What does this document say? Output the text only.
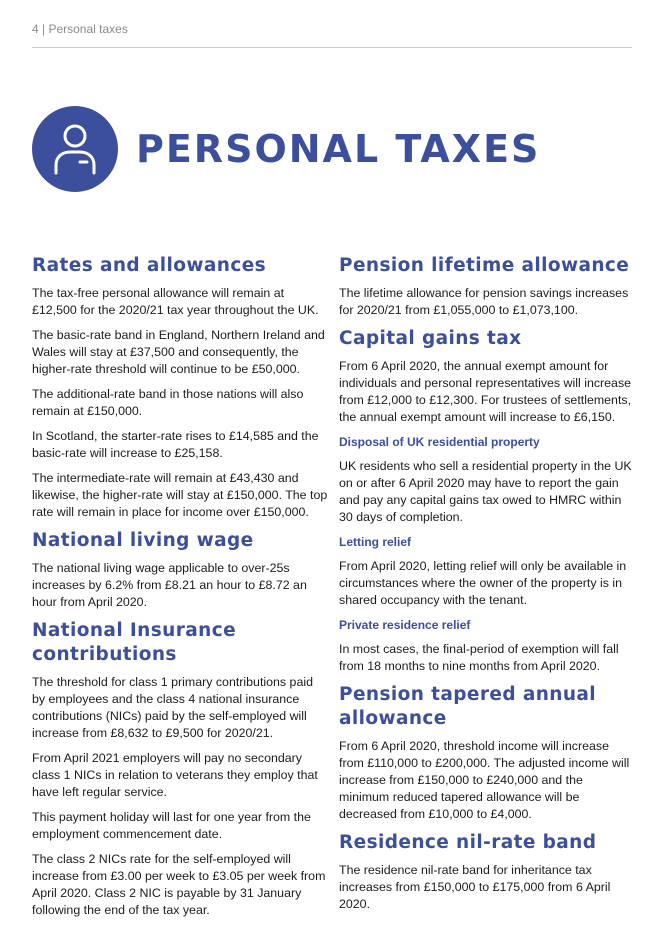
4 | Personal taxes
PERSONAL TAXES
Rates and allowances

The tax-free personal allowance will remain at £12,500 for the 2020/21 tax year throughout the UK.

The basic-rate band in England, Northern Ireland and Wales will stay at £37,500 and consequently, the higher-rate threshold will continue to be £50,000.

The additional-rate band in those nations will also remain at £150,000.

In Scotland, the starter-rate rises to £14,585 and the basic-rate will increase to £25,158.

The intermediate-rate will remain at £43,430 and likewise, the higher-rate will stay at £150,000. The top rate will remain in place for income over £150,000.

National living wage

The national living wage applicable to over-25s increases by 6.2% from £8.21 an hour to £8.72 an hour from April 2020.

National Insurance contributions

The threshold for class 1 primary contributions paid by employees and the class 4 national insurance contributions (NICs) paid by the self-employed will increase from £8,632 to £9,500 for 2020/21.

From April 2021 employers will pay no secondary class 1 NICs in relation to veterans they employ that have left regular service.

This payment holiday will last for one year from the employment commencement date.

The class 2 NICs rate for the self-employed will increase from £3.00 per week to £3.05 per week from April 2020. Class 2 NIC is payable by 31 January following the end of the tax year.

Pension lifetime allowance

The lifetime allowance for pension savings increases for 2020/21 from £1,055,000 to £1,073,100.

Capital gains tax

From 6 April 2020, the annual exempt amount for individuals and personal representatives will increase from £12,000 to £12,300. For trustees of settlements, the annual exempt amount will increase to £6,150.

Disposal of UK residential property

UK residents who sell a residential property in the UK on or after 6 April 2020 may have to report the gain and pay any capital gains tax owed to HMRC within 30 days of completion.

Letting relief

From April 2020, letting relief will only be available in circumstances where the owner of the property is in shared occupancy with the tenant.

Private residence relief

In most cases, the final-period of exemption will fall from 18 months to nine months from April 2020.

Pension tapered annual allowance

From 6 April 2020, threshold income will increase from £110,000 to £200,000. The adjusted income will increase from £150,000 to £240,000 and the minimum reduced tapered allowance will be decreased from £10,000 to £4,000.

Residence nil-rate band

The residence nil-rate band for inheritance tax increases from £150,000 to £175,000 from 6 April 2020.
